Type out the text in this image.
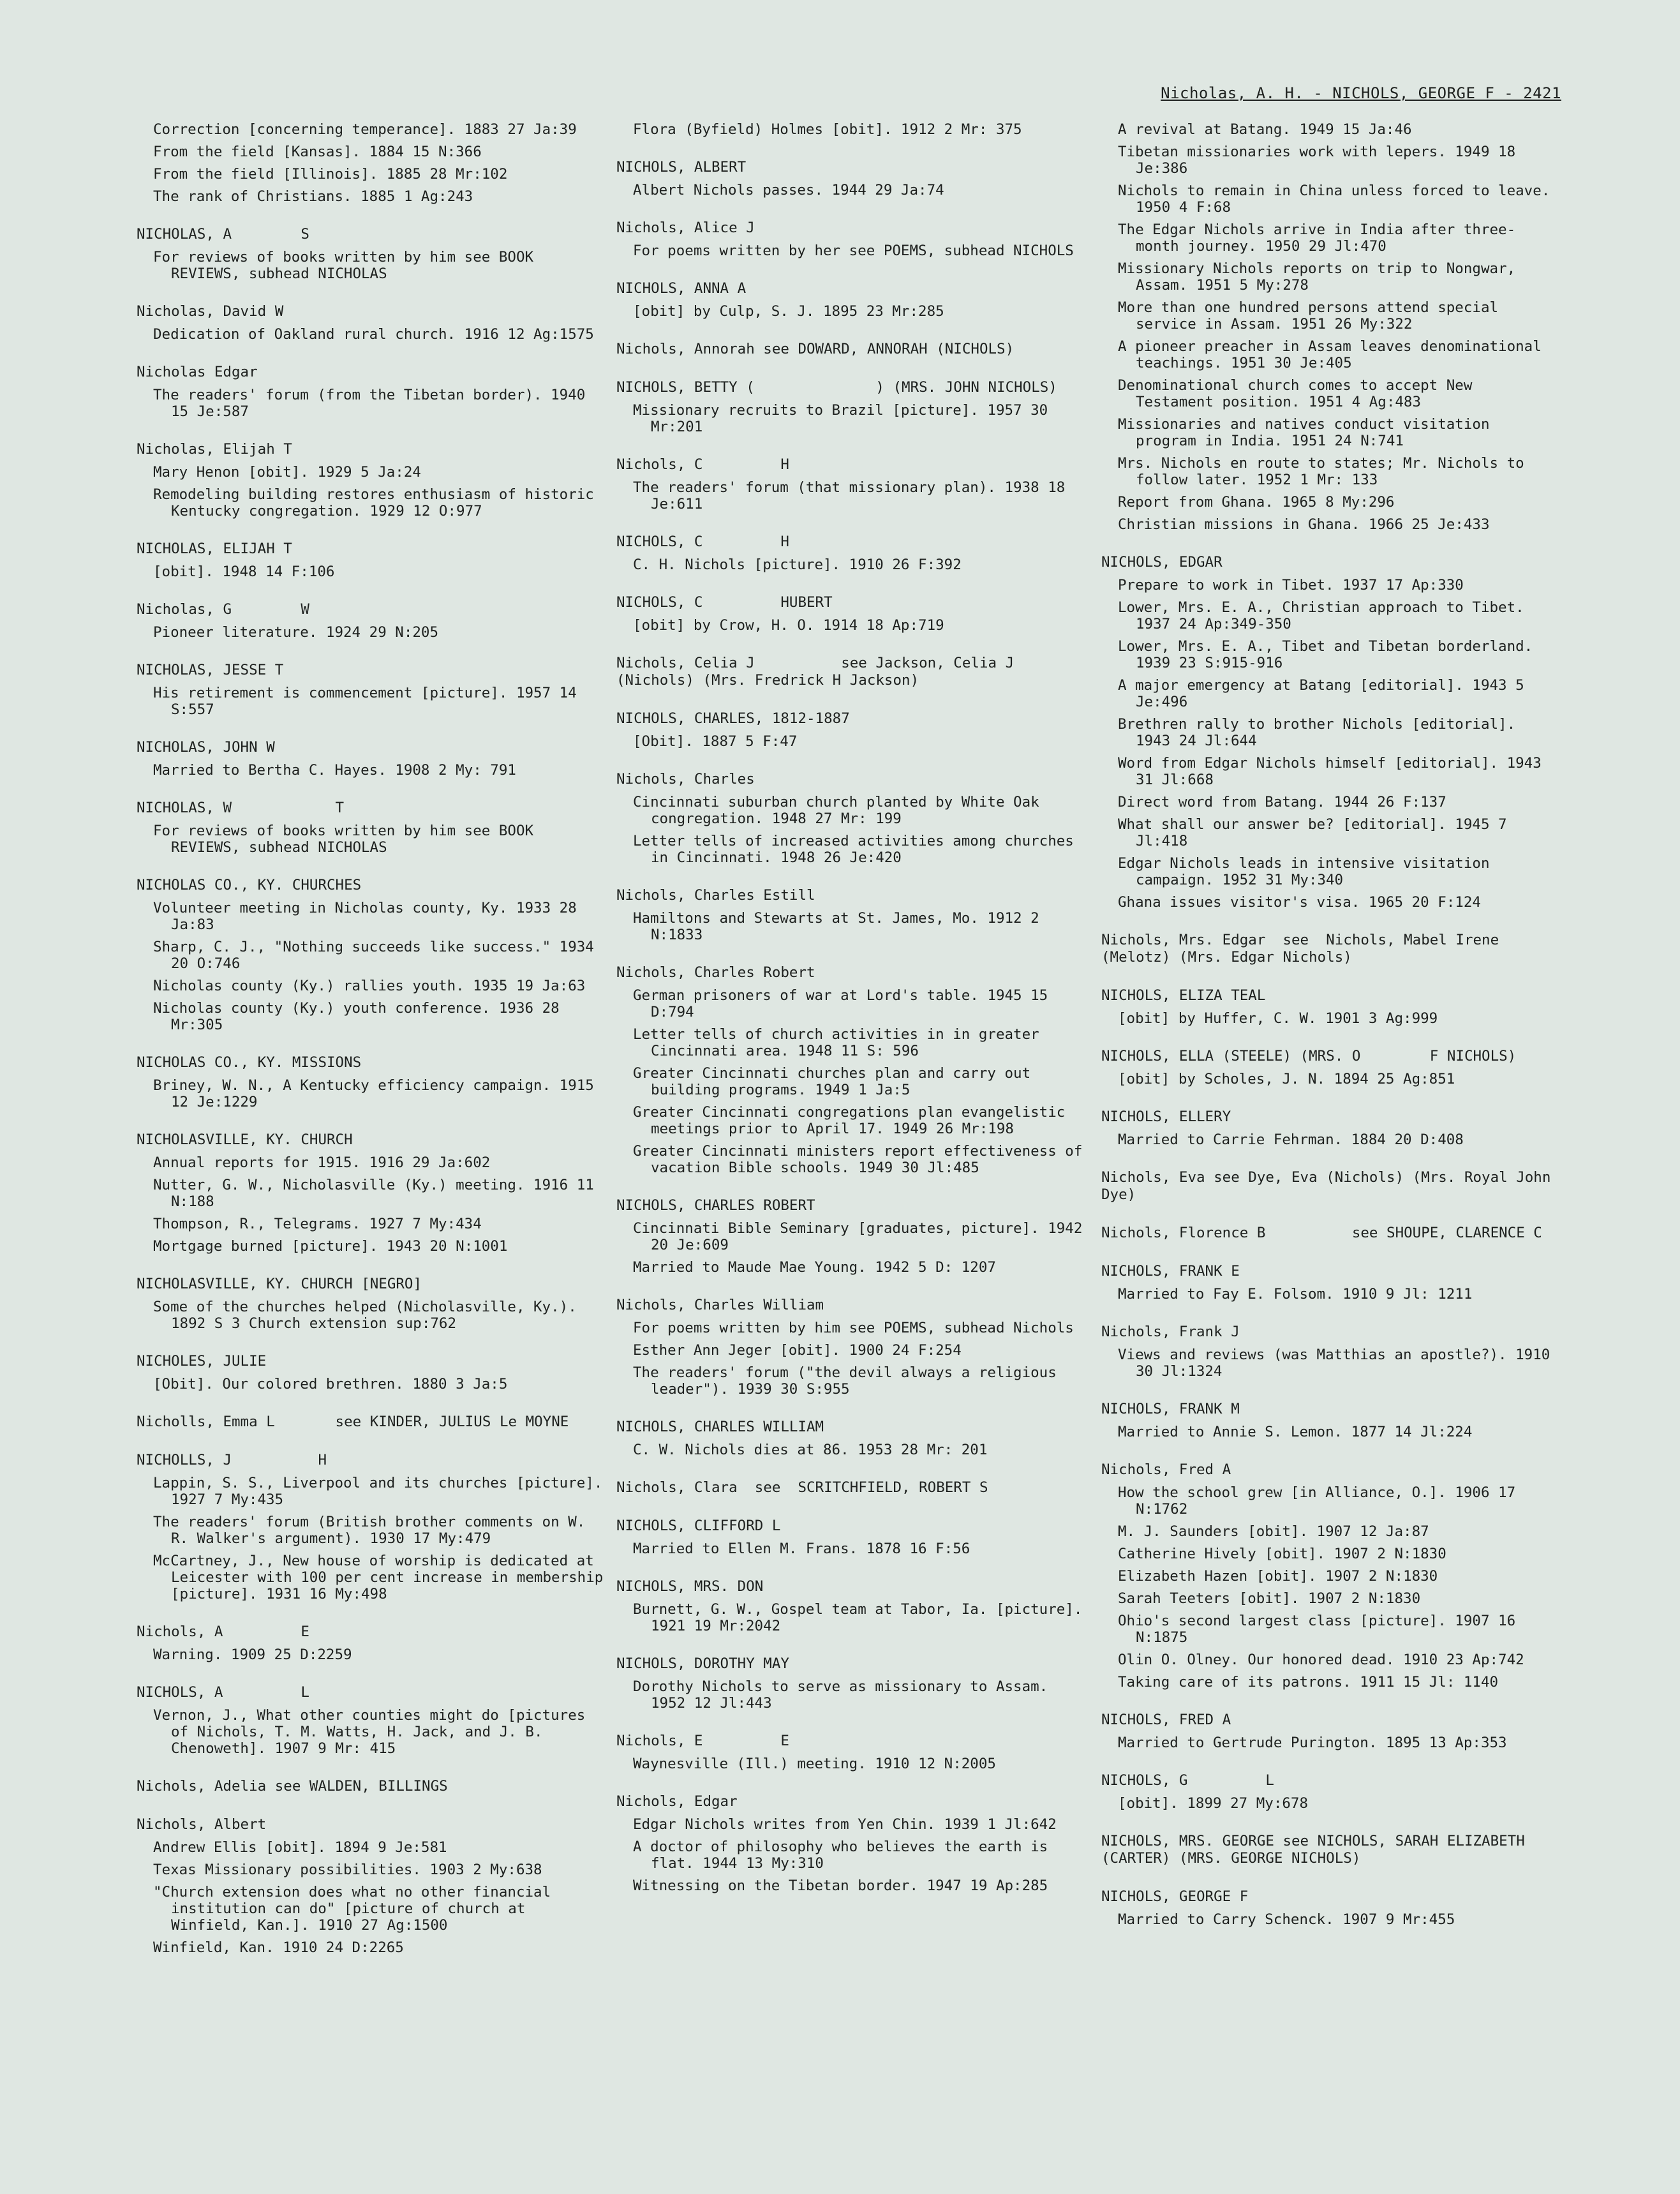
Nicholas, A. H. - NICHOLS, GEORGE F - 2421
Correction [concerning temperance]. 1883 27 Ja:39
From the field [Kansas]. 1884 15 N:366
From the field [Illinois]. 1885 28 Mr:102
The rank of Christians. 1885 1 Ag:243
NICHOLAS, A        S
For reviews of books written by him see BOOK REVIEWS, subhead NICHOLAS
Nicholas, David W
Dedication of Oakland rural church. 1916 12 Ag:1575
Nicholas Edgar
The readers' forum (from the Tibetan border). 1940 15 Je:587
Nicholas, Elijah T
Mary Henon [obit]. 1929 5 Ja:24
Remodeling building restores enthusiasm of historic Kentucky congregation. 1929 12 O:977
NICHOLAS, ELIJAH T
[obit]. 1948 14 F:106
Nicholas, G        W
Pioneer literature. 1924 29 N:205
NICHOLAS, JESSE T
His retirement is commencement [picture]. 1957 14 S:557
NICHOLAS, JOHN W
Married to Bertha C. Hayes. 1908 2 My: 791
NICHOLAS, W            T
For reviews of books written by him see BOOK REVIEWS, subhead NICHOLAS
NICHOLAS CO., KY. CHURCHES
Volunteer meeting in Nicholas county, Ky. 1933 28 Ja:83
Sharp, C. J., "Nothing succeeds like success." 1934 20 O:746
Nicholas county (Ky.) rallies youth. 1935 19 Ja:63
Nicholas county (Ky.) youth conference. 1936 28 Mr:305
NICHOLAS CO., KY. MISSIONS
Briney, W. N., A Kentucky efficiency campaign. 1915 12 Je:1229
NICHOLASVILLE, KY. CHURCH
Annual reports for 1915. 1916 29 Ja:602
Nutter, G. W., Nicholasville (Ky.) meeting. 1916 11 N:188
Thompson, R., Telegrams. 1927 7 My:434
Mortgage burned [picture]. 1943 20 N:1001
NICHOLASVILLE, KY. CHURCH [NEGRO]
Some of the churches helped (Nicholasville, Ky.). 1892 S 3 Church extension sup:762
NICHOLES, JULIE
[Obit]. Our colored brethren. 1880 3 Ja:5
Nicholls, Emma L       see KINDER, JULIUS Le MOYNE
NICHOLLS, J          H
Lappin, S. S., Liverpool and its churches [picture]. 1927 7 My:435
The readers' forum (British brother comments on W. R. Walker's argument). 1930 17 My:479
McCartney, J., New house of worship is dedicated at Leicester with 100 per cent increase in membership [picture]. 1931 16 My:498
Nichols, A         E
Warning. 1909 25 D:2259
NICHOLS, A         L
Vernon, J., What other counties might do [pictures of Nichols, T. M. Watts, H. Jack, and J. B. Chenoweth]. 1907 9 Mr: 415
Nichols, Adelia see WALDEN, BILLINGS
Nichols, Albert
Andrew Ellis [obit]. 1894 9 Je:581
Texas Missionary possibilities. 1903 2 My:638
"Church extension does what no other financial institution can do" [picture of church at Winfield, Kan.]. 1910 27 Ag:1500
Winfield, Kan. 1910 24 D:2265
Flora (Byfield) Holmes [obit]. 1912 2 Mr: 375
NICHOLS, ALBERT
Albert Nichols passes. 1944 29 Ja:74
Nichols, Alice J
For poems written by her see POEMS, subhead NICHOLS
NICHOLS, ANNA A
[obit] by Culp, S. J. 1895 23 Mr:285
Nichols, Annorah see DOWARD, ANNORAH (NICHOLS)
NICHOLS, BETTY (              ) (MRS. JOHN NICHOLS)
Missionary recruits to Brazil [picture]. 1957 30 Mr:201
Nichols, C         H
The readers' forum (that missionary plan). 1938 18 Je:611
NICHOLS, C         H
C. H. Nichols [picture]. 1910 26 F:392
NICHOLS, C         HUBERT
[obit] by Crow, H. O. 1914 18 Ap:719
Nichols, Celia J          see Jackson, Celia J        (Nichols) (Mrs. Fredrick H Jackson)
NICHOLS, CHARLES, 1812-1887
[Obit]. 1887 5 F:47
Nichols, Charles
Cincinnati suburban church planted by White Oak congregation. 1948 27 Mr: 199
Letter tells of increased activities among churches in Cincinnati. 1948 26 Je:420
Nichols, Charles Estill
Hamiltons and Stewarts at St. James, Mo. 1912 2 N:1833
Nichols, Charles Robert
German prisoners of war at Lord's table. 1945 15 D:794
Letter tells of church activities in in greater Cincinnati area. 1948 11 S: 596
Greater Cincinnati churches plan and carry out building programs. 1949 1 Ja:5
Greater Cincinnati congregations plan evangelistic meetings prior to April 17. 1949 26 Mr:198
Greater Cincinnati ministers report effectiveness of vacation Bible schools. 1949 30 Jl:485
NICHOLS, CHARLES ROBERT
Cincinnati Bible Seminary [graduates, picture]. 1942 20 Je:609
Married to Maude Mae Young. 1942 5 D: 1207
Nichols, Charles William
For poems written by him see POEMS, subhead Nichols
Esther Ann Jeger [obit]. 1900 24 F:254
The readers' forum ("the devil always a religious leader"). 1939 30 S:955
NICHOLS, CHARLES WILLIAM
C. W. Nichols dies at 86. 1953 28 Mr: 201
Nichols, Clara  see  SCRITCHFIELD, ROBERT S
NICHOLS, CLIFFORD L
Married to Ellen M. Frans. 1878 16 F:56
NICHOLS, MRS. DON
Burnett, G. W., Gospel team at Tabor, Ia. [picture]. 1921 19 Mr:2042
NICHOLS, DOROTHY MAY
Dorothy Nichols to serve as missionary to Assam. 1952 12 Jl:443
Nichols, E         E
Waynesville (Ill.) meeting. 1910 12 N:2005
Nichols, Edgar
Edgar Nichols writes from Yen Chin. 1939 1 Jl:642
A doctor of philosophy who believes the earth is flat. 1944 13 My:310
Witnessing on the Tibetan border. 1947 19 Ap:285
A revival at Batang. 1949 15 Ja:46
Tibetan missionaries work with lepers. 1949 18 Je:386
Nichols to remain in China unless forced to leave. 1950 4 F:68
The Edgar Nichols arrive in India after three-month journey. 1950 29 Jl:470
Missionary Nichols reports on trip to Nongwar, Assam. 1951 5 My:278
More than one hundred persons attend special service in Assam. 1951 26 My:322
A pioneer preacher in Assam leaves denominational teachings. 1951 30 Je:405
Denominational church comes to accept New Testament position. 1951 4 Ag:483
Missionaries and natives conduct visitation program in India. 1951 24 N:741
Mrs. Nichols en route to states; Mr. Nichols to follow later. 1952 1 Mr: 133
Report from Ghana. 1965 8 My:296
Christian missions in Ghana. 1966 25 Je:433
NICHOLS, EDGAR
Prepare to work in Tibet. 1937 17 Ap:330
Lower, Mrs. E. A., Christian approach to Tibet. 1937 24 Ap:349-350
Lower, Mrs. E. A., Tibet and Tibetan borderland. 1939 23 S:915-916
A major emergency at Batang [editorial]. 1943 5 Je:496
Brethren rally to brother Nichols [editorial]. 1943 24 Jl:644
Word from Edgar Nichols himself [editorial]. 1943 31 Jl:668
Direct word from Batang. 1944 26 F:137
What shall our answer be? [editorial]. 1945 7 Jl:418
Edgar Nichols leads in intensive visitation campaign. 1952 31 My:340
Ghana issues visitor's visa. 1965 20 F:124
Nichols, Mrs. Edgar  see  Nichols, Mabel Irene (Melotz) (Mrs. Edgar Nichols)
NICHOLS, ELIZA TEAL
[obit] by Huffer, C. W. 1901 3 Ag:999
NICHOLS, ELLA (STEELE) (MRS. O        F NICHOLS)
[obit] by Scholes, J. N. 1894 25 Ag:851
NICHOLS, ELLERY
Married to Carrie Fehrman. 1884 20 D:408
Nichols, Eva see Dye, Eva (Nichols) (Mrs. Royal John Dye)
Nichols, Florence B          see SHOUPE, CLARENCE C
NICHOLS, FRANK E
Married to Fay E. Folsom. 1910 9 Jl: 1211
Nichols, Frank J
Views and reviews (was Matthias an apostle?). 1910 30 Jl:1324
NICHOLS, FRANK M
Married to Annie S. Lemon. 1877 14 Jl:224
Nichols, Fred A
How the school grew [in Alliance, O.]. 1906 17 N:1762
M. J. Saunders [obit]. 1907 12 Ja:87
Catherine Hively [obit]. 1907 2 N:1830
Elizabeth Hazen [obit]. 1907 2 N:1830
Sarah Teeters [obit]. 1907 2 N:1830
Ohio's second largest class [picture]. 1907 16 N:1875
Olin O. Olney. Our honored dead. 1910 23 Ap:742
Taking care of its patrons. 1911 15 Jl: 1140
NICHOLS, FRED A
Married to Gertrude Purington. 1895 13 Ap:353
NICHOLS, G         L
[obit]. 1899 27 My:678
NICHOLS, MRS. GEORGE see NICHOLS, SARAH ELIZABETH (CARTER) (MRS. GEORGE NICHOLS)
NICHOLS, GEORGE F
Married to Carry Schenck. 1907 9 Mr:455
